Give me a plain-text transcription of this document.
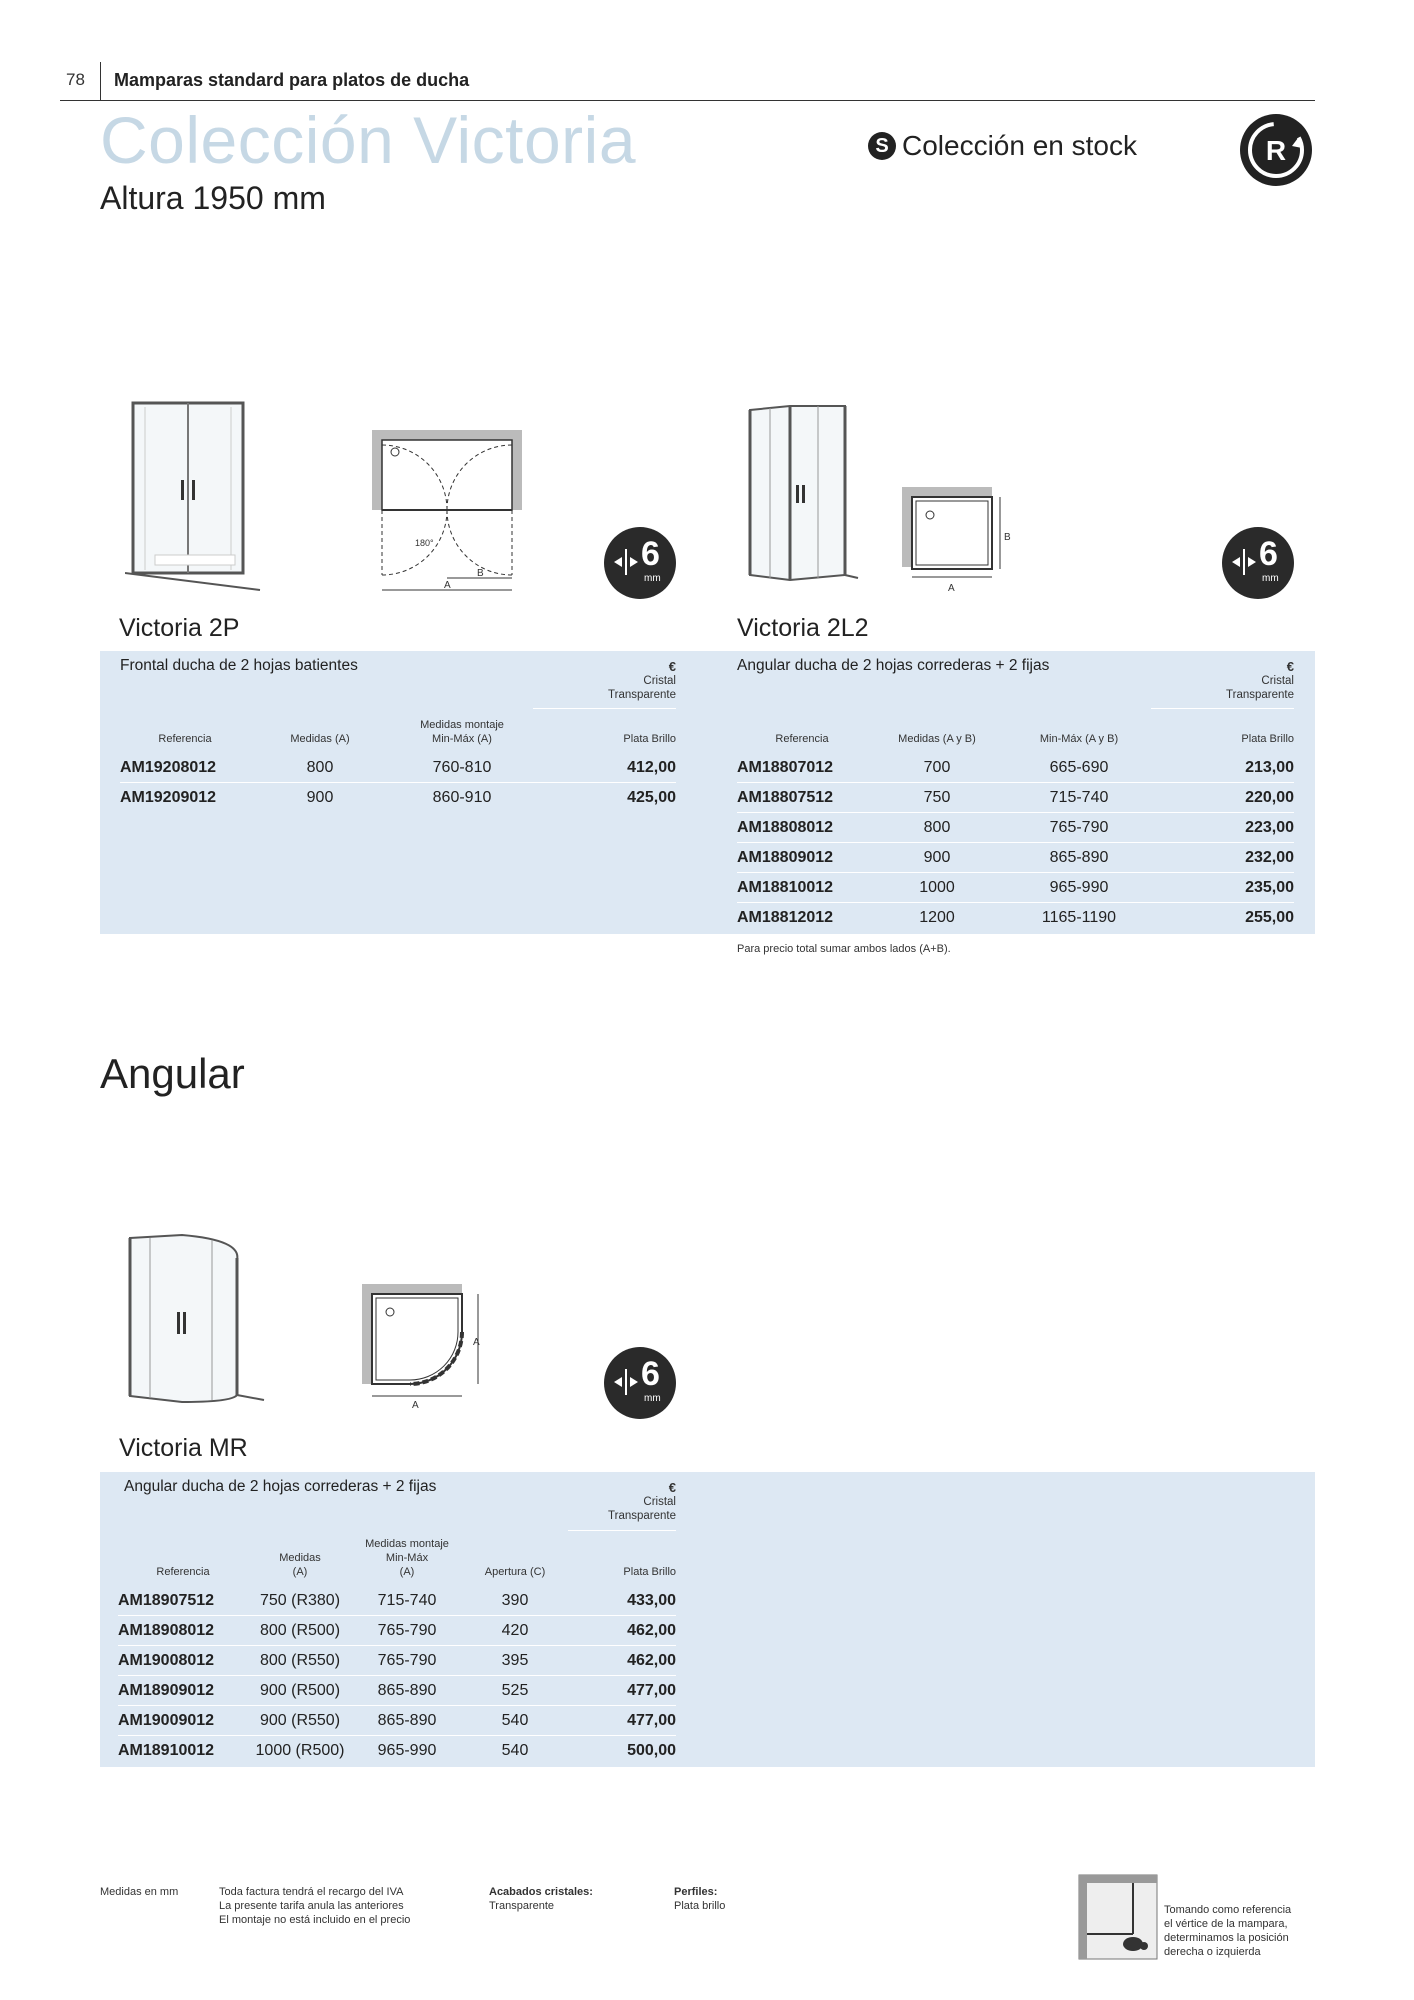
78 Mamparas standard para platos de ducha
Colección Victoria
Altura 1950 mm
S Colección en stock	R
180°
B
A
6
mm
B
A
6
mm
Victoria 2P	Victoria 2L2
Frontal ducha de 2 hojas batientes	€
Cristal
Transparente
Referencia	Medidas (A)
Medidas montaje
Min-Máx (A)	Plata Brillo
AM19208012	800	760-810	412,00
AM19209012	900	860-910	425,00
Angular ducha de 2 hojas correderas + 2 fijas	€
Cristal
Transparente
Referencia	Medidas (A y B)	Min-Máx (A y B)	Plata Brillo
AM18807012	700	665-690	213,00
AM18807512	750	715-740	220,00
AM18808012	800	765-790	223,00
AM18809012	900	865-890	232,00
AM18810012	1000	965-990	235,00
AM18812012	1200	1165-1190	255,00
Para precio total sumar ambos lados (A+B).
Angular
A
A
6
mm
Victoria MR
Angular ducha de 2 hojas correderas + 2 fijas	€
Cristal
Transparente
Referencia
Medidas
(A)
Medidas montaje
Min-Máx
(A)	Apertura (C)	Plata Brillo
AM18907512	750 (R380)	715-740	390	433,00
AM18908012	800 (R500)	765-790	420	462,00
AM19008012	800 (R550)	765-790	395	462,00
AM18909012	900 (R500)	865-890	525	477,00
AM19009012	900 (R550)	865-890	540	477,00
AM18910012	1000 (R500)	965-990	540	500,00
Medidas en mm	Toda factura tendrá el recargo del IVA
La presente tarifa anula las anteriores
El montaje no está incluido en el precio
Acabados cristales:
Transparente
Perfiles:
Plata brillo	Tomando como referencia
el vértice de la mampara,
determinamos la posición
derecha o izquierda
